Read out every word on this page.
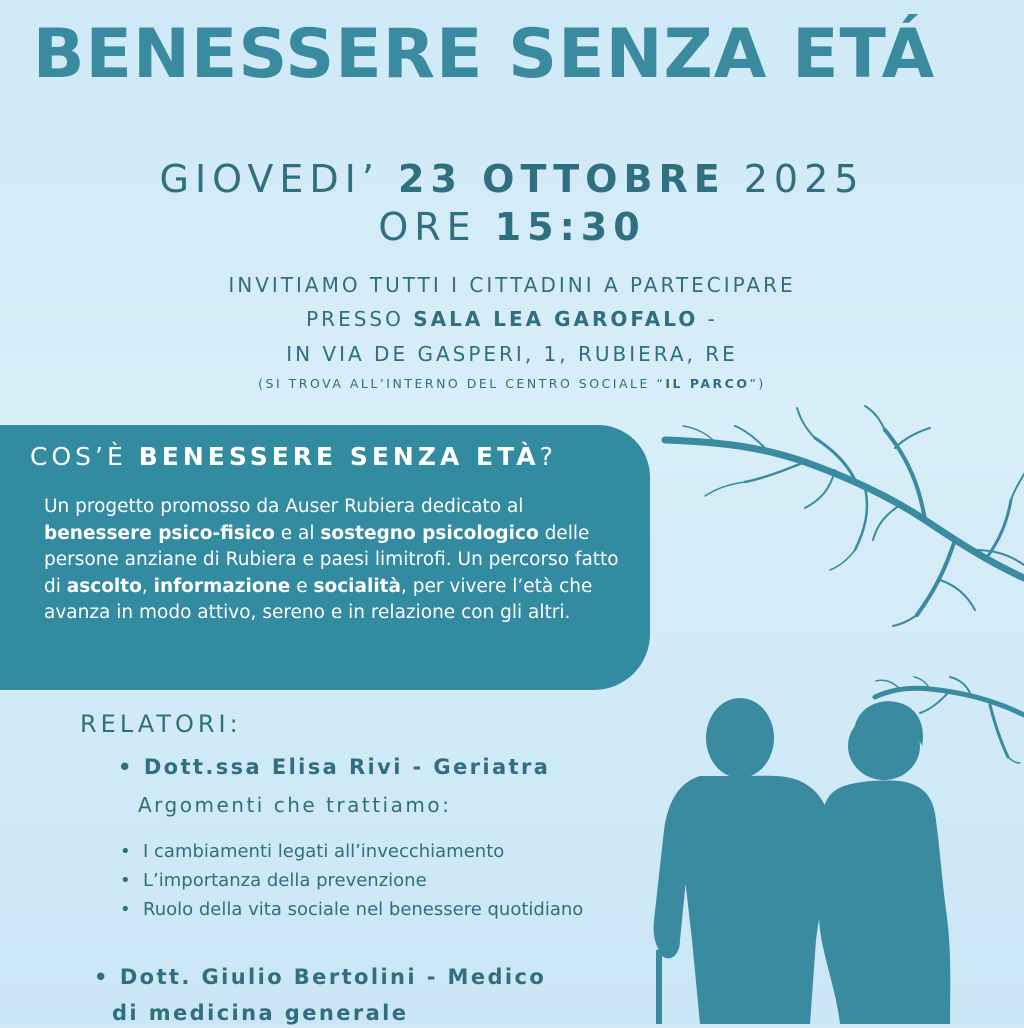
BENESSERE SENZA ETÁ
GIOVEDI’ 23 OTTOBRE 2025
ORE 15:30
INVITIAMO TUTTI I CITTADINI A PARTECIPARE
PRESSO SALA LEA GAROFALO -
IN VIA DE GASPERI, 1, RUBIERA, RE
(SI TROVA ALL’INTERNO DEL CENTRO SOCIALE “IL PARCO”)
COS’È BENESSERE SENZA ETÀ?
Un progetto promosso da Auser Rubiera dedicato al benessere psico-fisico e al sostegno psicologico delle persone anziane di Rubiera e paesi limitrofi. Un percorso fatto di ascolto, informazione e socialità, per vivere l’età che avanza in modo attivo, sereno e in relazione con gli altri.
RELATORI:
• Dott.ssa Elisa Rivi - Geriatra
Argomenti che trattiamo:
• I cambiamenti legati all’invecchiamento
• L’importanza della prevenzione
• Ruolo della vita sociale nel benessere quotidiano
• Dott. Giulio Bertolini - Medico
di medicina generale
